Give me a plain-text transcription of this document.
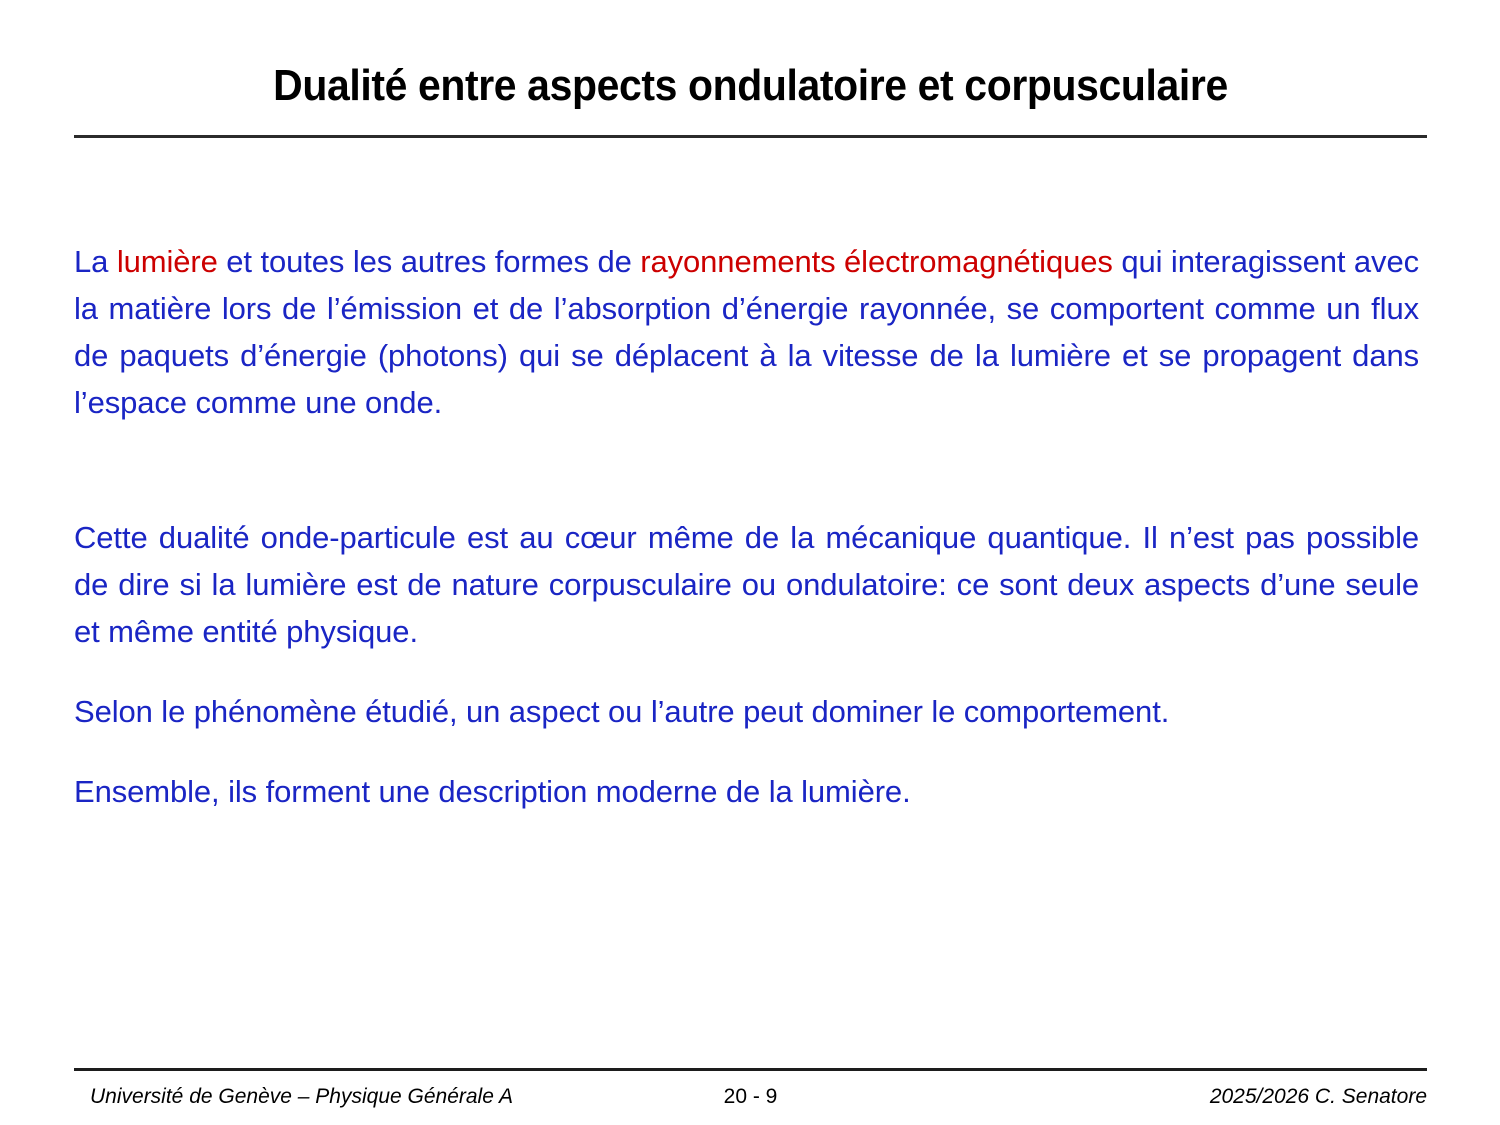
Dualité entre aspects ondulatoire et corpusculaire

La lumière et toutes les autres formes de rayonnements électromagnétiques qui interagissent avec la matière lors de l’émission et de l’absorption d’énergie rayonnée, se comportent comme un flux de paquets d’énergie (photons) qui se déplacent à la vitesse de la lumière et se propagent dans l’espace comme une onde.

Cette dualité onde-particule est au cœur même de la mécanique quantique. Il n’est pas possible de dire si la lumière est de nature corpusculaire ou ondulatoire: ce sont deux aspects d’une seule et même entité physique.

Selon le phénomène étudié, un aspect ou l’autre peut dominer le comportement.

Ensemble, ils forment une description moderne de la lumière.

Université de Genève – Physique Générale A	20 - 9	2025/2026 C. Senatore
